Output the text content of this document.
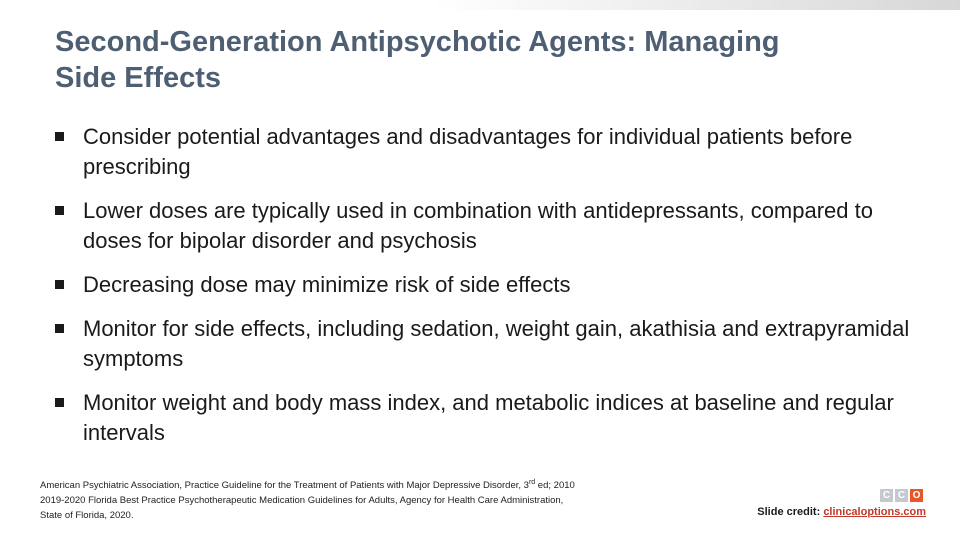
Second-Generation Antipsychotic Agents: Managing
Side Effects
Consider potential advantages and disadvantages for individual patients before prescribing
Lower doses are typically used in combination with antidepressants, compared to doses for bipolar disorder and psychosis
Decreasing dose may minimize risk of side effects
Monitor for side effects, including sedation, weight gain, akathisia and extrapyramidal symptoms
Monitor weight and body mass index, and metabolic indices at baseline and regular intervals
American Psychiatric Association, Practice Guideline for the Treatment of Patients with Major Depressive Disorder, 3rd ed; 2010
2019-2020 Florida Best Practice Psychotherapeutic Medication Guidelines for Adults, Agency for Health Care Administration,
State of Florida, 2020.
C C O
Slide credit: clinicaloptions.com
